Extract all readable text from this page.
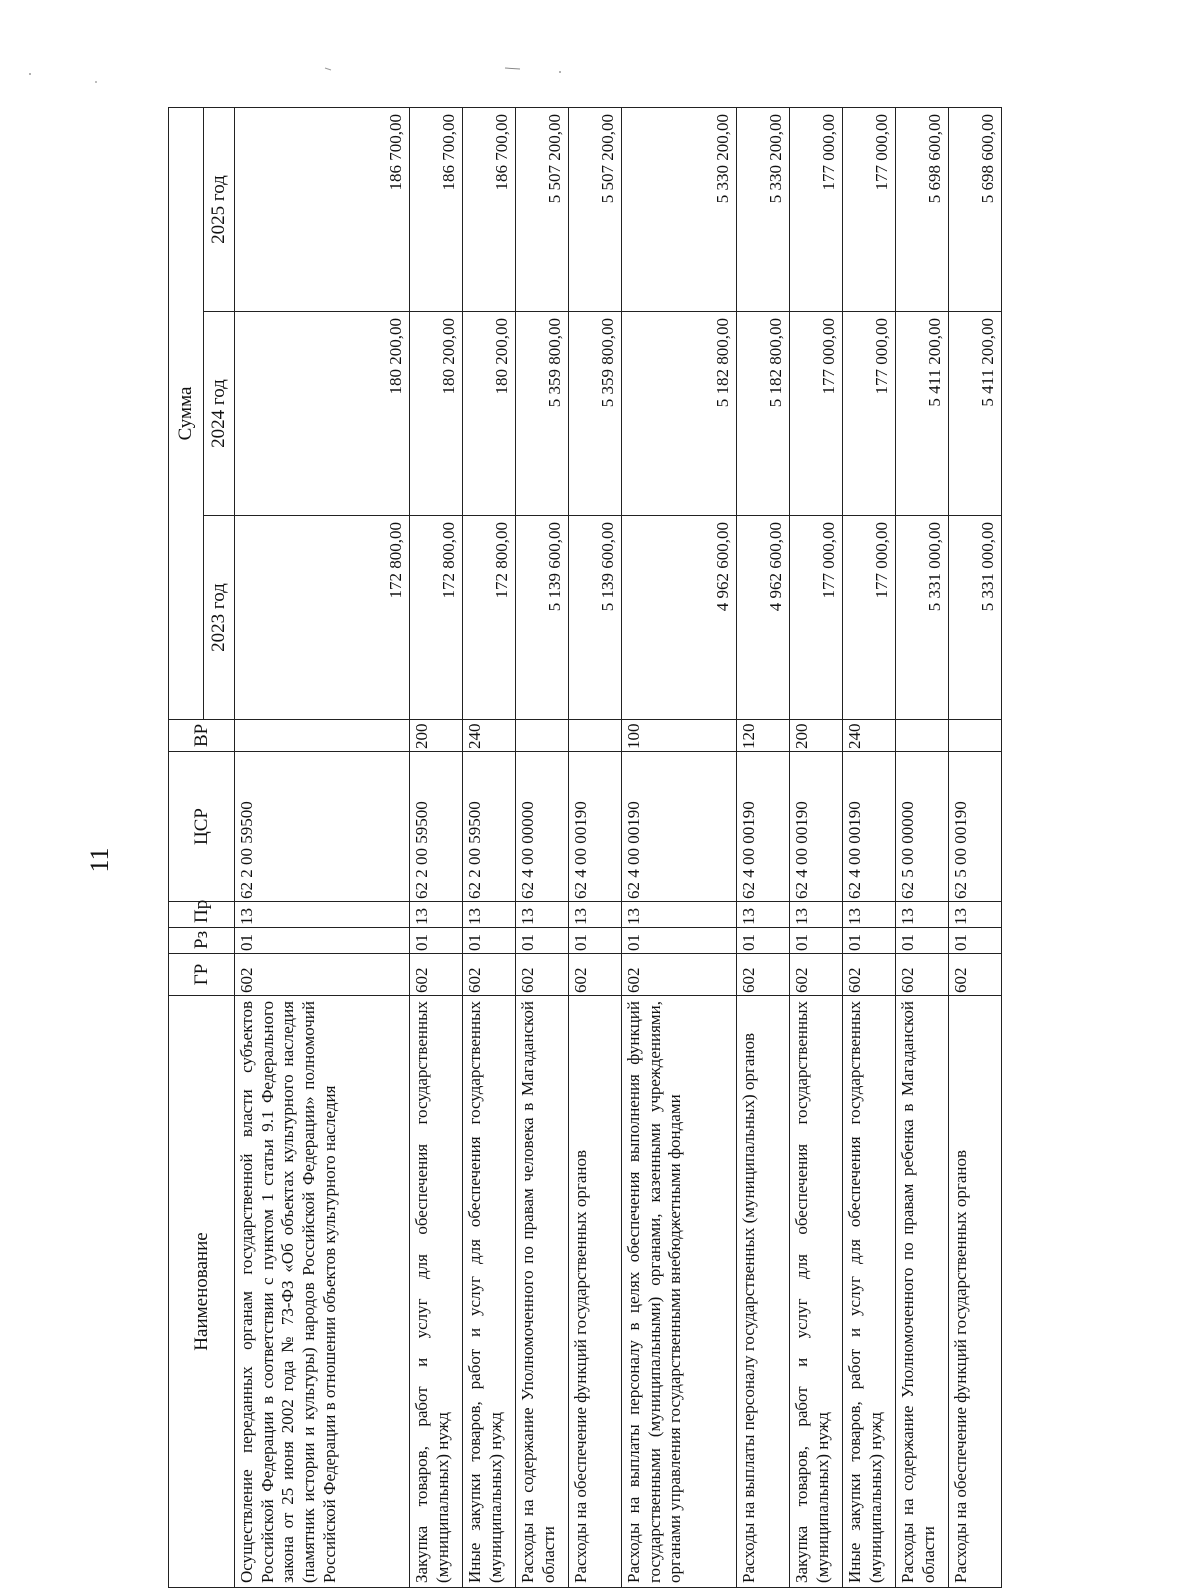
11
Наименование	ГР	Рз	Пр	ЦСР	ВР	Сумма		
						2023 год	2024 год	2025 год
Осуществление переданных органам государственной власти субъектов Российской Федерации в соответствии с пунктом 1 статьи 9.1 Федерального закона от 25 июня 2002 года № 73-ФЗ «Об объектах культурного наследия (памятник истории и культуры) народов Российской Федерации» полномочий Российской Федерации в отношении объектов культурного наследия	602	01	13	62 2 00 59500		172 800,00	180 200,00	186 700,00
Закупка товаров, работ и услуг для обеспечения государственных (муниципальных) нужд	602	01	13	62 2 00 59500	200	172 800,00	180 200,00	186 700,00
Иные закупки товаров, работ и услуг для обеспечения государственных (муниципальных) нужд	602	01	13	62 2 00 59500	240	172 800,00	180 200,00	186 700,00
Расходы на содержание Уполномоченного по правам человека в Магаданской области	602	01	13	62 4 00 00000		5 139 600,00	5 359 800,00	5 507 200,00
Расходы на обеспечение функций государственных органов	602	01	13	62 4 00 00190		5 139 600,00	5 359 800,00	5 507 200,00
Расходы на выплаты персоналу в целях обеспечения выполнения функций государственными (муниципальными) органами, казенными учреждениями, органами управления государственными внебюджетными фондами	602	01	13	62 4 00 00190	100	4 962 600,00	5 182 800,00	5 330 200,00
Расходы на выплаты персоналу государственных (муниципальных) органов	602	01	13	62 4 00 00190	120	4 962 600,00	5 182 800,00	5 330 200,00
Закупка товаров, работ и услуг для обеспечения государственных (муниципальных) нужд	602	01	13	62 4 00 00190	200	177 000,00	177 000,00	177 000,00
Иные закупки товаров, работ и услуг для обеспечения государственных (муниципальных) нужд	602	01	13	62 4 00 00190	240	177 000,00	177 000,00	177 000,00
Расходы на содержание Уполномоченного по правам ребенка в Магаданской области	602	01	13	62 5 00 00000		5 331 000,00	5 411 200,00	5 698 600,00
Расходы на обеспечение функций государственных органов	602	01	13	62 5 00 00190		5 331 000,00	5 411 200,00	5 698 600,00
